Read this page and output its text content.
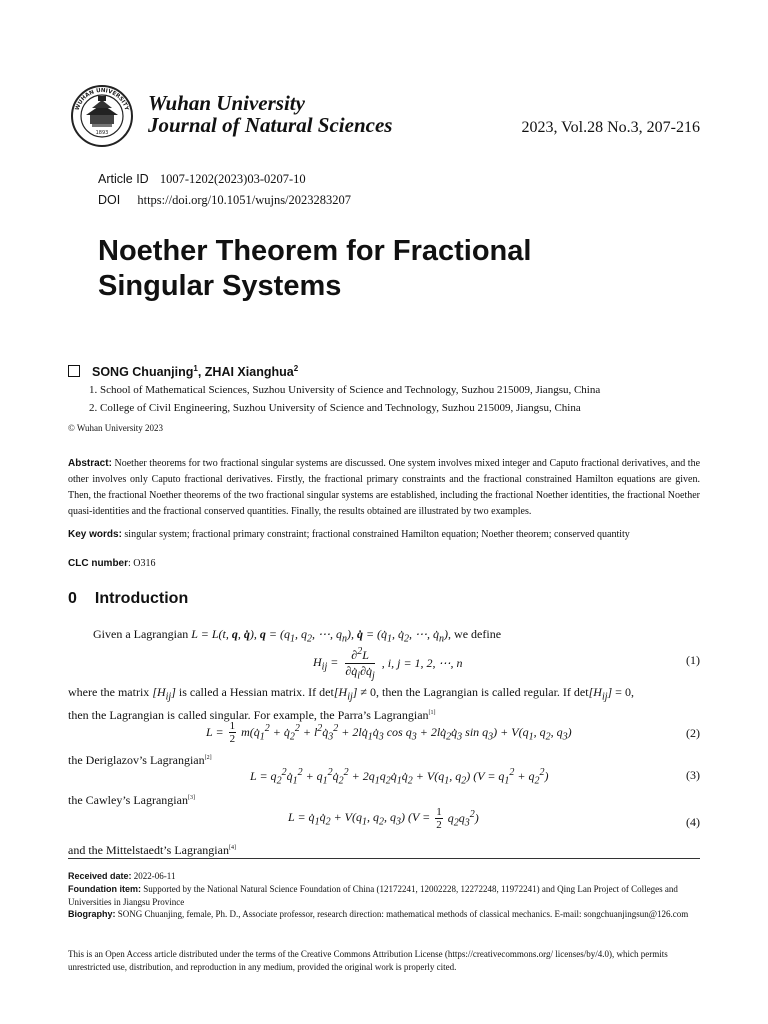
WUHAN UNIVERSITY
1893
Wuhan University
Journal of Natural Sciences	2023, Vol.28 No.3, 207-216
Article ID 1007-1202(2023)03-0207-10
DOI https://doi.org/10.1051/wujns/2023283207
Noether Theorem for Fractional
Singular Systems
SONG Chuanjing$^1$, ZHAI Xianghua$^2$
1. School of Mathematical Sciences, Suzhou University of Science and Technology, Suzhou 215009, Jiangsu, China
2. College of Civil Engineering, Suzhou University of Science and Technology, Suzhou 215009, Jiangsu, China
© Wuhan University 2023
Abstract: Noether theorems for two fractional singular systems are discussed. One system involves mixed integer and Caputo fractional derivatives, and the other involves only Caputo fractional derivatives. Firstly, the fractional primary constraints and the fractional constrained Hamilton equations are given. Then, the fractional Noether theorems of the two fractional singular systems are established, including the fractional Noether identities, the fractional Noether quasi-identities and the fractional conserved quantities. Finally, the results obtained are illustrated by two examples.
Key words: singular system; fractional primary constraint; fractional constrained Hamilton equation; Noether theorem; conserved quantity
CLC number: O316
0 Introduction
Given a Lagrangian L = L(t, q, q̇), $q = (q_1$, $q_2$, ⋯, $q_n$), q̇ = ($q̇_1$, $q̇_2$, ⋯, $q̇_n$), we define
$H_{ij} = \frac{\partial^2L}{\partial q̇_i\partial q̇_j}$ , i, j = 1, 2, ⋯, n	(1)
where the matrix $[H_{ij}]$ is called a Hessian matrix. If $\det[H_{ij}] \ne 0$, then the Lagrangian is called regular. If $\det[H_{ij}] = 0$,
then the Lagrangian is called singular. For example, the Parra’s Lagrangian[1]
$L = \frac{1}{2}$ $m(q̇_1^2$ + $q̇_2^2$ + $l^2q̇_3^2$ + $2lq̇_1q̇_3$ $\cos q_3$ + $2lq̇_2q̇_3$ $\sin q_3) + V(q_1$, $q_2$, $q_3$)	(2)
the Deriglazov’s Lagrangian[2]
$L = q_2^2q̇_1^2$ + $q_1^2q̇_2^2$ + $2q_1q_2q̇_1q̇_2 + V(q_1$, $q_2$) $(V = q_1^2 + q_2^2)$	(3)
the Cawley’s Lagrangian[3]
$L = q̇_1q̇_2 + V(q_1$, $q_2$, $q_3$) $(V = \frac{1}{2} q_2q_3^2)$	(4)
and the Mittelstaedt’s Lagrangian[4]
Received date: 2022-06-11
Foundation item: Supported by the National Natural Science Foundation of China (12172241, 12002228, 12272248, 11972241) and Qing Lan Project of Colleges and Universities in Jiangsu Province
Biography: SONG Chuanjing, female, Ph. D., Associate professor, research direction: mathematical methods of classical mechanics. E-mail: songchuanjingsun@126.com
This is an Open Access article distributed under the terms of the Creative Commons Attribution License (https://creativecommons.org/ licenses/by/4.0), which permits unrestricted use, distribution, and reproduction in any medium, provided the original work is properly cited.
